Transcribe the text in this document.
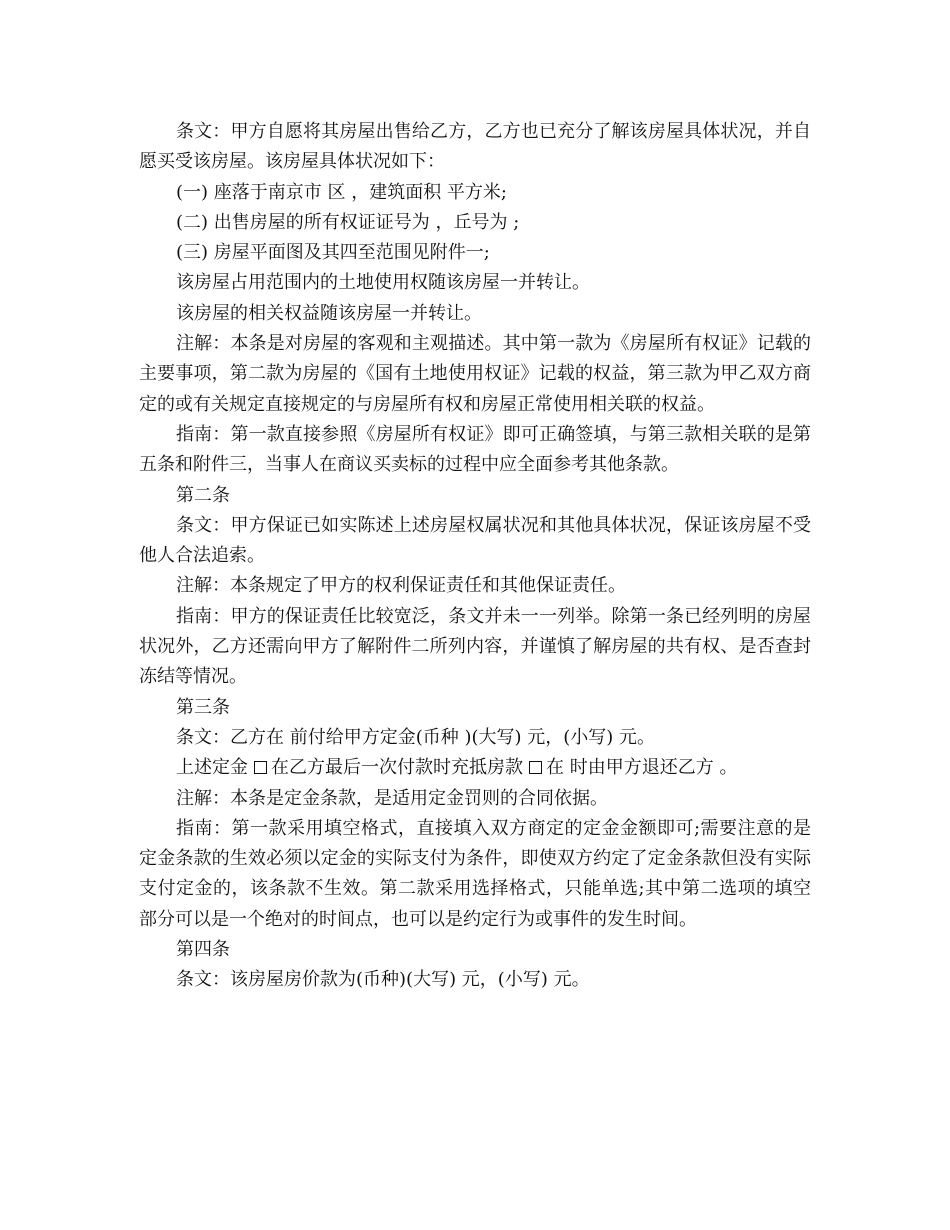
条文：甲方自愿将其房屋出售给乙方，乙方也已充分了解该房屋具体状况，并自愿买受该房屋。该房屋具体状况如下：

(一) 座落于南京市 区 ，建筑面积 平方米;

(二) 出售房屋的所有权证证号为 ，丘号为 ;

(三) 房屋平面图及其四至范围见附件一;

该房屋占用范围内的土地使用权随该房屋一并转让。

该房屋的相关权益随该房屋一并转让。

注解：本条是对房屋的客观和主观描述。其中第一款为《房屋所有权证》记载的主要事项，第二款为房屋的《国有土地使用权证》记载的权益，第三款为甲乙双方商定的或有关规定直接规定的与房屋所有权和房屋正常使用相关联的权益。

指南：第一款直接参照《房屋所有权证》即可正确签填，与第三款相关联的是第五条和附件三，当事人在商议买卖标的过程中应全面参考其他条款。

第二条

条文：甲方保证已如实陈述上述房屋权属状况和其他具体状况，保证该房屋不受他人合法追索。

注解：本条规定了甲方的权利保证责任和其他保证责任。

指南：甲方的保证责任比较宽泛，条文并未一一列举。除第一条已经列明的房屋状况外，乙方还需向甲方了解附件二所列内容，并谨慎了解房屋的共有权、是否查封冻结等情况。

第三条

条文：乙方在 前付给甲方定金(币种 )(大写) 元，(小写) 元。

上述定金 在乙方最后一次付款时充抵房款 在 时由甲方退还乙方 。

注解：本条是定金条款，是适用定金罚则的合同依据。

指南：第一款采用填空格式，直接填入双方商定的定金金额即可;需要注意的是定金条款的生效必须以定金的实际支付为条件，即使双方约定了定金条款但没有实际支付定金的，该条款不生效。第二款采用选择格式，只能单选;其中第二选项的填空部分可以是一个绝对的时间点，也可以是约定行为或事件的发生时间。

第四条

条文：该房屋房价款为(币种)(大写) 元，(小写) 元。
